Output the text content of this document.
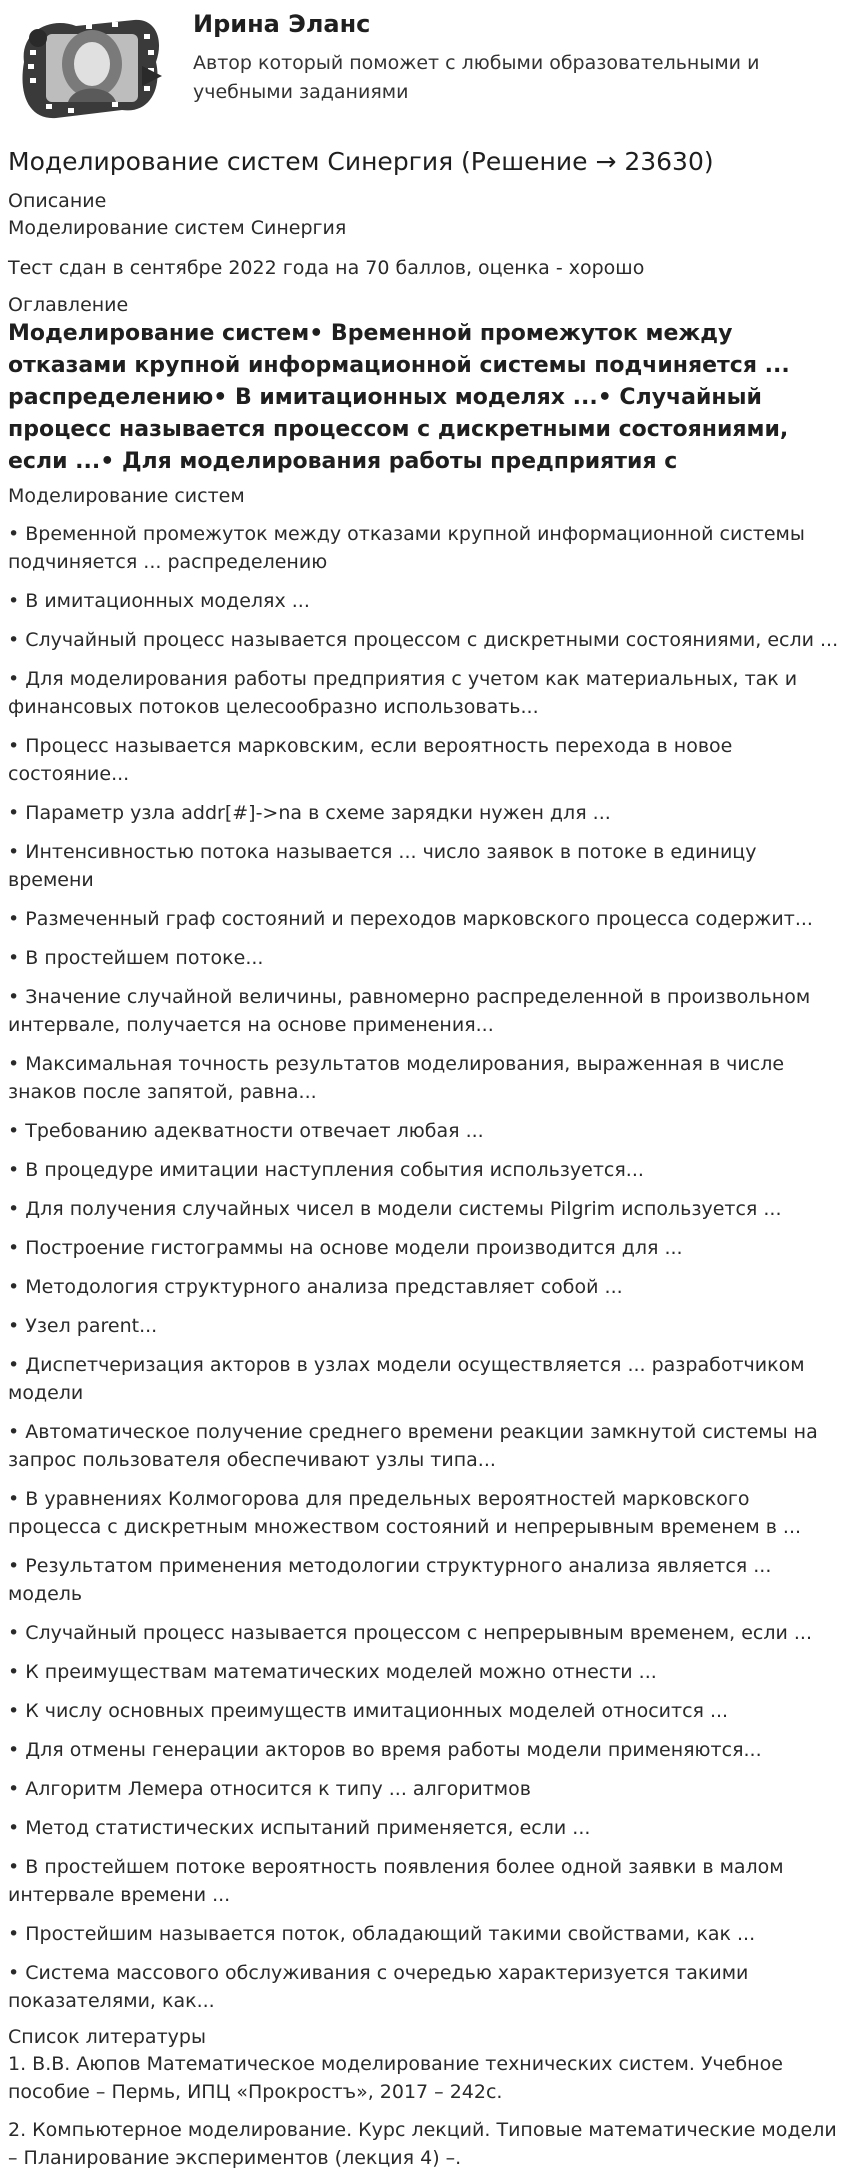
Ирина Эланс
Автор который поможет с любыми образовательными и учебными заданиями
Моделирование систем Синергия (Решение → 23630)
Описание
Моделирование систем Синергия
Тест сдан в сентябре 2022 года на 70 баллов, оценка - хорошо
Оглавление
Моделирование систем• Временной промежуток между отказами крупной информационной системы подчиняется ... распределению• В имитационных моделях ...• Случайный процесс называется процессом с дискретными состояниями, если ...• Для моделирования работы предприятия с
Моделирование систем
• Временной промежуток между отказами крупной информационной системы подчиняется ... распределению
• В имитационных моделях ...
• Случайный процесс называется процессом с дискретными состояниями, если ...
• Для моделирования работы предприятия с учетом как материальных, так и финансовых потоков целесообразно использовать...
• Процесс называется марковским, если вероятность перехода в новое состояние...
• Параметр узла addr[#]->na в схеме зарядки нужен для ...
• Интенсивностью потока называется ... число заявок в потоке в единицу времени
• Размеченный граф состояний и переходов марковского процесса содержит...
• В простейшем потоке...
• Значение случайной величины, равномерно распределенной в произвольном интервале, получается на основе применения...
• Максимальная точность результатов моделирования, выраженная в числе знаков после запятой, равна...
• Требованию адекватности отвечает любая ...
• В процедуре имитации наступления события используется...
• Для получения случайных чисел в модели системы Pilgrim используется ...
• Построение гистограммы на основе модели производится для ...
• Методология структурного анализа представляет собой ...
• Узел parent...
• Диспетчеризация акторов в узлах модели осуществляется ... разработчиком модели
• Автоматическое получение среднего времени реакции замкнутой системы на запрос пользователя обеспечивают узлы типа...
• В уравнениях Колмогорова для предельных вероятностей марковского процесса с дискретным множеством состояний и непрерывным временем в ...
• Результатом применения методологии структурного анализа является ... модель
• Случайный процесс называется процессом с непрерывным временем, если ...
• К преимуществам математических моделей можно отнести ...
• К числу основных преимуществ имитационных моделей относится ...
• Для отмены генерации акторов во время работы модели применяются...
• Алгоритм Лемера относится к типу ... алгоритмов
• Метод статистических испытаний применяется, если ...
• В простейшем потоке вероятность появления более одной заявки в малом интервале времени ...
• Простейшим называется поток, обладающий такими свойствами, как ...
• Система массового обслуживания с очередью характеризуется такими показателями, как...
Список литературы
1. В.В. Аюпов Математическое моделирование технических систем. Учебное пособие – Пермь, ИПЦ «Прокростъ», 2017 – 242с.
2. Компьютерное моделирование. Курс лекций. Типовые математические модели – Планирование экспериментов (лекция 4) –.
